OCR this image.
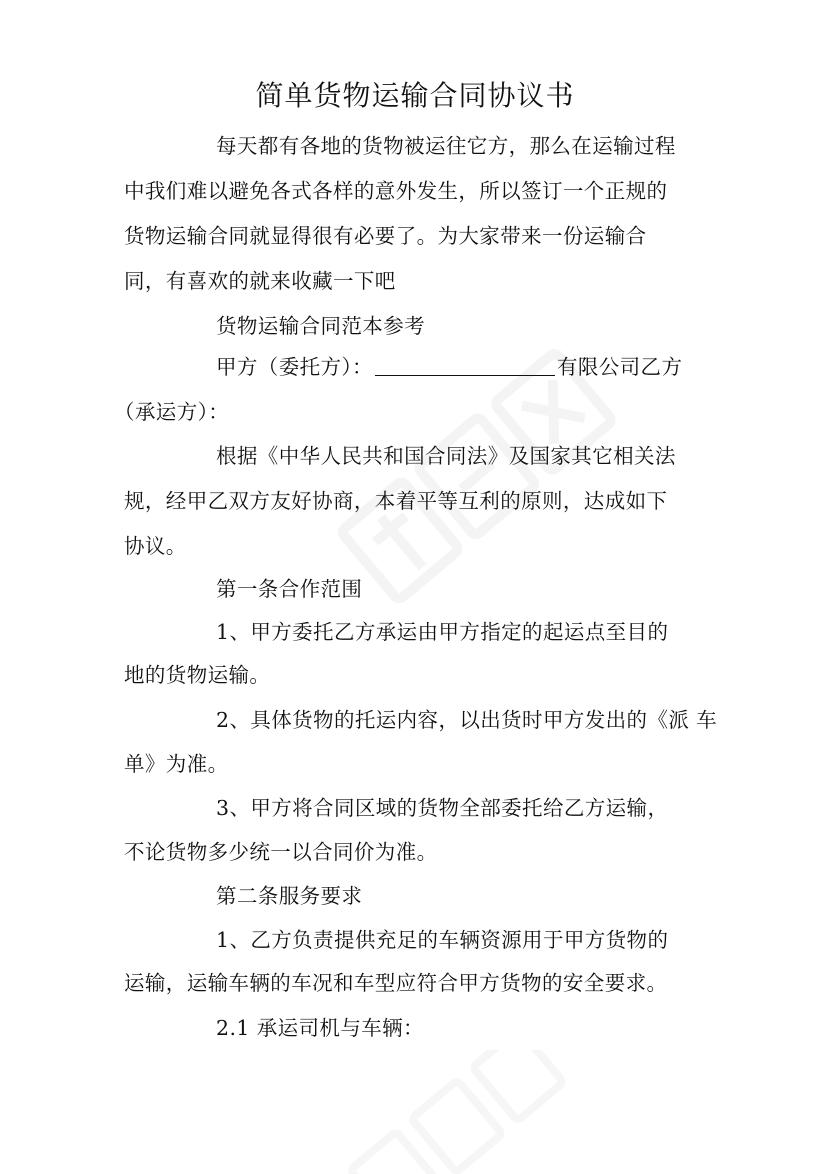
简单货物运输合同协议书
每天都有各地的货物被运往它方，那么在运输过程
中我们难以避免各式各样的意外发生，所以签订一个正规的
货物运输合同就显得很有必要了。为大家带来一份运输合
同，有喜欢的就来收藏一下吧
货物运输合同范本参考
甲方（委托方）：	有限公司乙方
（承运方）：
根据《中华人民共和国合同法》及国家其它相关法
规，经甲乙双方友好协商，本着平等互利的原则，达成如下
协议。
第一条合作范围
1、甲方委托乙方承运由甲方指定的起运点至目的
地的货物运输。
2、具体货物的托运内容，以出货时甲方发出的《派 车
单》为准。
3、甲方将合同区域的货物全部委托给乙方运输，
不论货物多少统一以合同价为准。
第二条服务要求
1、乙方负责提供充足的车辆资源用于甲方货物的
运输，运输车辆的车况和车型应符合甲方货物的安全要求。
2.1 承运司机与车辆：
